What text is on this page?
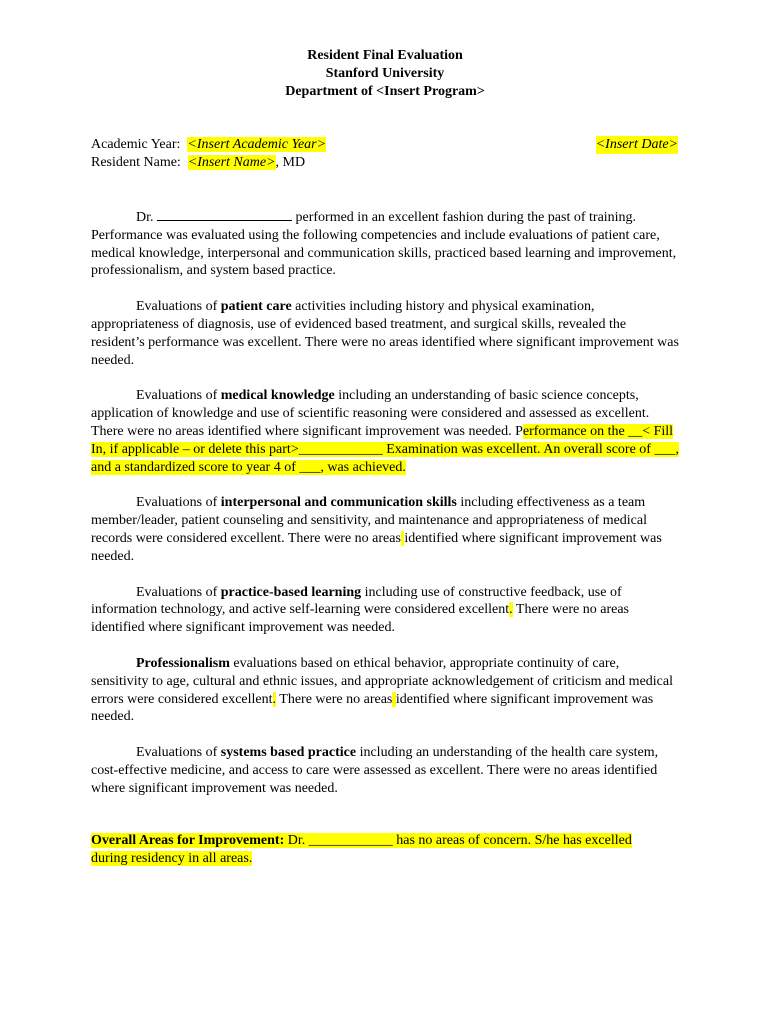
Resident Final Evaluation
Stanford University
Department of <Insert Program>
Academic Year: <Insert Academic Year>
Resident Name: <Insert Name>, MD
<Insert Date>

Dr.	performed in an excellent fashion during the past of training. Performance was evaluated using the following competencies and include evaluations of patient care, medical knowledge, interpersonal and communication skills, practiced based learning and improvement, professionalism, and system based practice.

Evaluations of patient care activities including history and physical examination, appropriateness of diagnosis, use of evidenced based treatment, and surgical skills, revealed the resident’s performance was excellent. There were no areas identified where significant improvement was needed.

Evaluations of medical knowledge including an understanding of basic science concepts, application of knowledge and use of scientific reasoning were considered and assessed as excellent. There were no areas identified where significant improvement was needed. Performance on the __< Fill In, if applicable – or delete this part>____________ Examination was excellent. An overall score of ___, and a standardized score to year 4 of ___, was achieved.

Evaluations of interpersonal and communication skills including effectiveness as a team member/leader, patient counseling and sensitivity, and maintenance and appropriateness of medical records were considered excellent. There were no areas identified where significant improvement was needed.

Evaluations of practice-based learning including use of constructive feedback, use of information technology, and active self-learning were considered excellent. There were no areas identified where significant improvement was needed.

Professionalism evaluations based on ethical behavior, appropriate continuity of care, sensitivity to age, cultural and ethnic issues, and appropriate acknowledgement of criticism and medical errors were considered excellent. There were no areas identified where significant improvement was needed.

Evaluations of systems based practice including an understanding of the health care system, cost-effective medicine, and access to care were assessed as excellent. There were no areas identified where significant improvement was needed.

Overall Areas for Improvement: Dr. ____________ has no areas of concern. S/he has excelled during residency in all areas.
